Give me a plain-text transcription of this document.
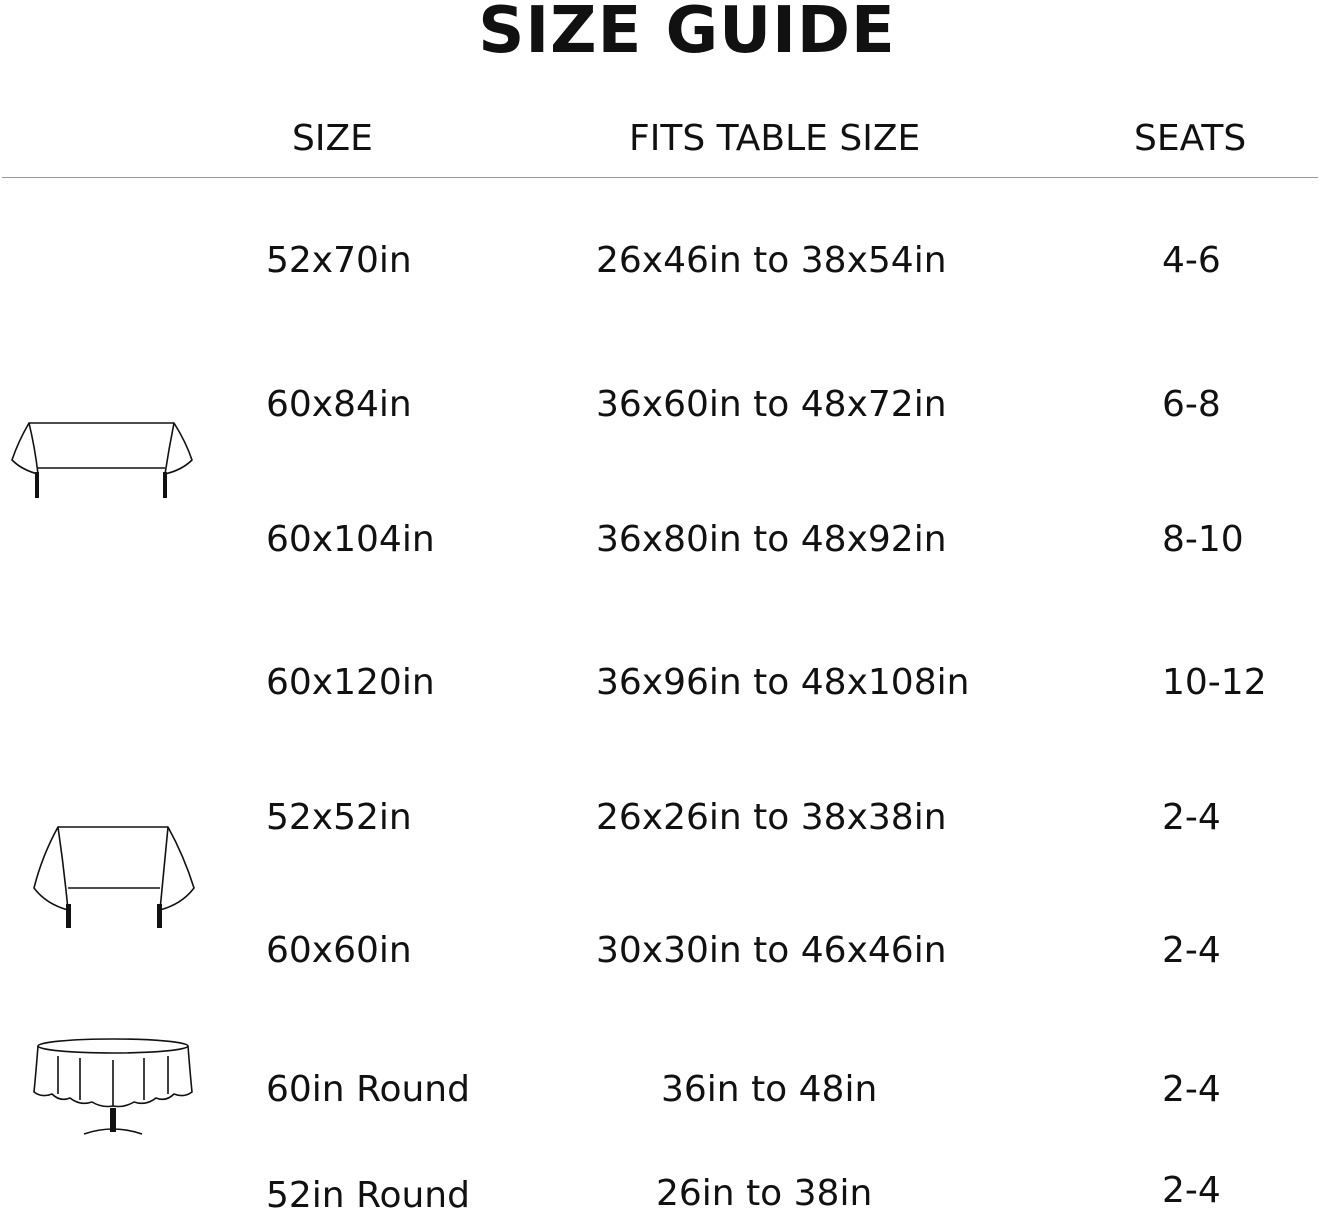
SIZE GUIDE
SIZE	FITS TABLE SIZE	SEATS
52x70in	26x46in to 38x54in	4-6
60x84in	36x60in to 48x72in	6-8
60x104in	36x80in to 48x92in	8-10
60x120in	36x96in to 48x108in	10-12
52x52in	26x26in to 38x38in	2-4
60x60in	30x30in to 46x46in	2-4
60in Round	36in to 48in	2-4
52in Round	26in to 38in	2-4
